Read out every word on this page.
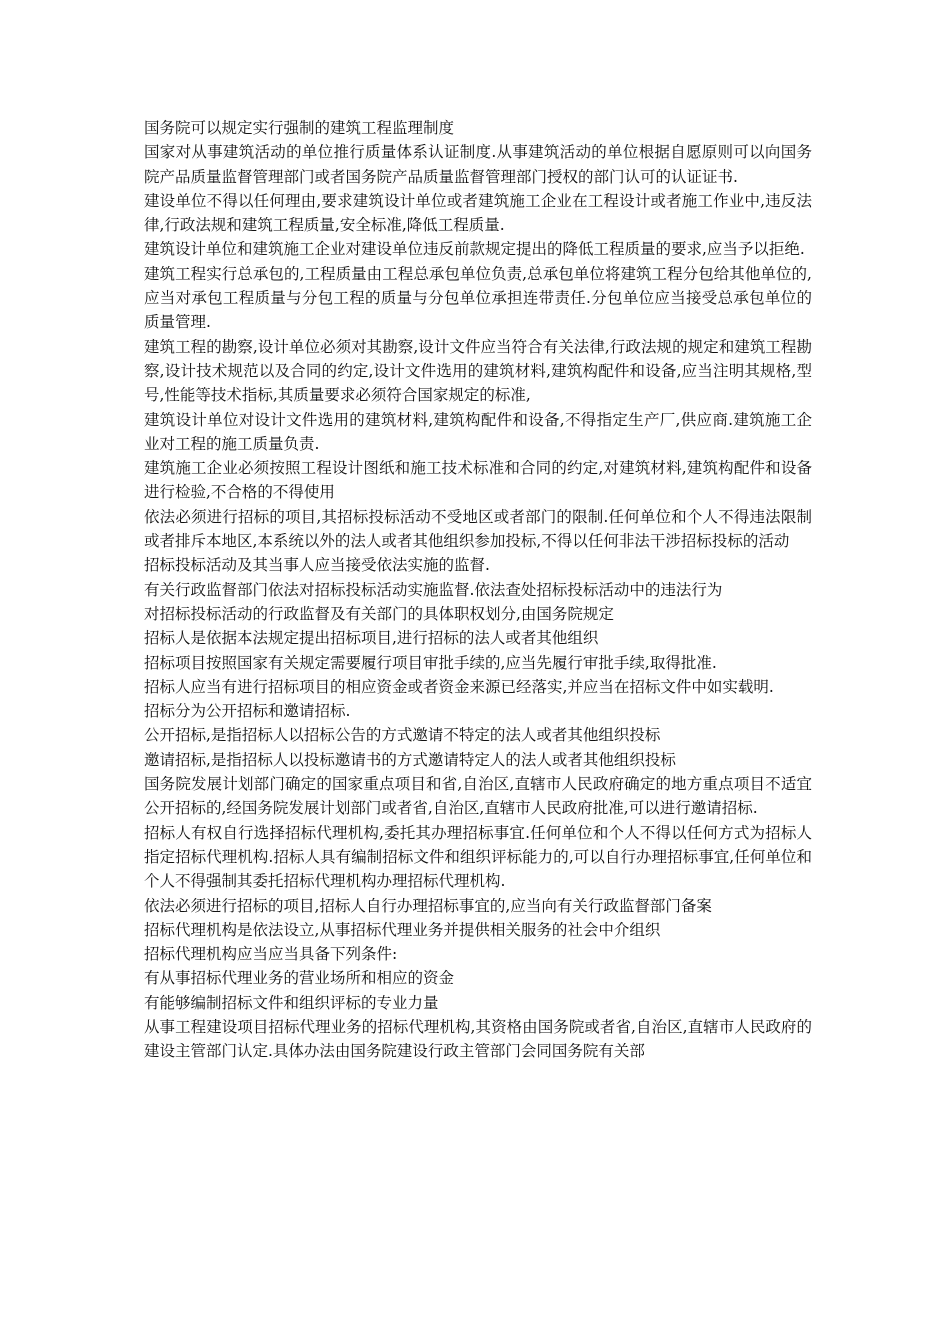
国务院可以规定实行强制的建筑工程监理制度

国家对从事建筑活动的单位推行质量体系认证制度.从事建筑活动的单位根据自愿原则可以向国务院产品质量监督管理部门或者国务院产品质量监督管理部门授权的部门认可的认证证书.

建设单位不得以任何理由,要求建筑设计单位或者建筑施工企业在工程设计或者施工作业中,违反法律,行政法规和建筑工程质量,安全标准,降低工程质量.

建筑设计单位和建筑施工企业对建设单位违反前款规定提出的降低工程质量的要求,应当予以拒绝.

建筑工程实行总承包的,工程质量由工程总承包单位负责,总承包单位将建筑工程分包给其他单位的,应当对承包工程质量与分包工程的质量与分包单位承担连带责任.分包单位应当接受总承包单位的质量管理.

建筑工程的勘察,设计单位必须对其勘察,设计文件应当符合有关法律,行政法规的规定和建筑工程勘察,设计技术规范以及合同的约定,设计文件选用的建筑材料,建筑构配件和设备,应当注明其规格,型号,性能等技术指标,其质量要求必须符合国家规定的标准,

建筑设计单位对设计文件选用的建筑材料,建筑构配件和设备,不得指定生产厂,供应商.建筑施工企业对工程的施工质量负责.

建筑施工企业必须按照工程设计图纸和施工技术标准和合同的约定,对建筑材料,建筑构配件和设备进行检验,不合格的不得使用

依法必须进行招标的项目,其招标投标活动不受地区或者部门的限制.任何单位和个人不得违法限制或者排斥本地区,本系统以外的法人或者其他组织参加投标,不得以任何非法干涉招标投标的活动

招标投标活动及其当事人应当接受依法实施的监督.

有关行政监督部门依法对招标投标活动实施监督.依法查处招标投标活动中的违法行为

对招标投标活动的行政监督及有关部门的具体职权划分,由国务院规定

招标人是依据本法规定提出招标项目,进行招标的法人或者其他组织

招标项目按照国家有关规定需要履行项目审批手续的,应当先履行审批手续,取得批准.

招标人应当有进行招标项目的相应资金或者资金来源已经落实,并应当在招标文件中如实载明.

招标分为公开招标和邀请招标.

公开招标,是指招标人以招标公告的方式邀请不特定的法人或者其他组织投标

邀请招标,是指招标人以投标邀请书的方式邀请特定人的法人或者其他组织投标

国务院发展计划部门确定的国家重点项目和省,自治区,直辖市人民政府确定的地方重点项目不适宜公开招标的,经国务院发展计划部门或者省,自治区,直辖市人民政府批准,可以进行邀请招标.

招标人有权自行选择招标代理机构,委托其办理招标事宜.任何单位和个人不得以任何方式为招标人指定招标代理机构.招标人具有编制招标文件和组织评标能力的,可以自行办理招标事宜,任何单位和个人不得强制其委托招标代理机构办理招标代理机构.

依法必须进行招标的项目,招标人自行办理招标事宜的,应当向有关行政监督部门备案

招标代理机构是依法设立,从事招标代理业务并提供相关服务的社会中介组织

招标代理机构应当应当具备下列条件:

有从事招标代理业务的营业场所和相应的资金

有能够编制招标文件和组织评标的专业力量

从事工程建设项目招标代理业务的招标代理机构,其资格由国务院或者省,自治区,直辖市人民政府的建设主管部门认定.具体办法由国务院建设行政主管部门会同国务院有关部
